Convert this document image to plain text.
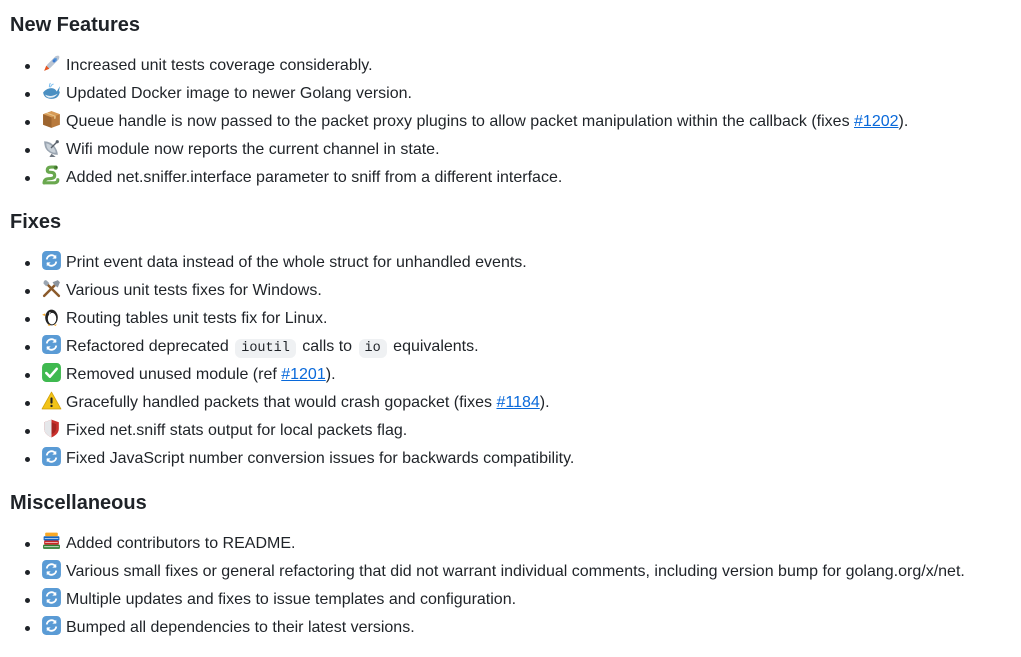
New Features
Increased unit tests coverage considerably.
Updated Docker image to newer Golang version.
Queue handle is now passed to the packet proxy plugins to allow packet manipulation within the callback (fixes #1202).
Wifi module now reports the current channel in state.
Added net.sniffer.interface parameter to sniff from a different interface.
Fixes
Print event data instead of the whole struct for unhandled events.
Various unit tests fixes for Windows.
Routing tables unit tests fix for Linux.
Refactored deprecated ioutil calls to io equivalents.
Removed unused module (ref #1201).
Gracefully handled packets that would crash gopacket (fixes #1184).
Fixed net.sniff stats output for local packets flag.
Fixed JavaScript number conversion issues for backwards compatibility.
Miscellaneous
Added contributors to README.
Various small fixes or general refactoring that did not warrant individual comments, including version bump for golang.org/x/net.
Multiple updates and fixes to issue templates and configuration.
Bumped all dependencies to their latest versions.
